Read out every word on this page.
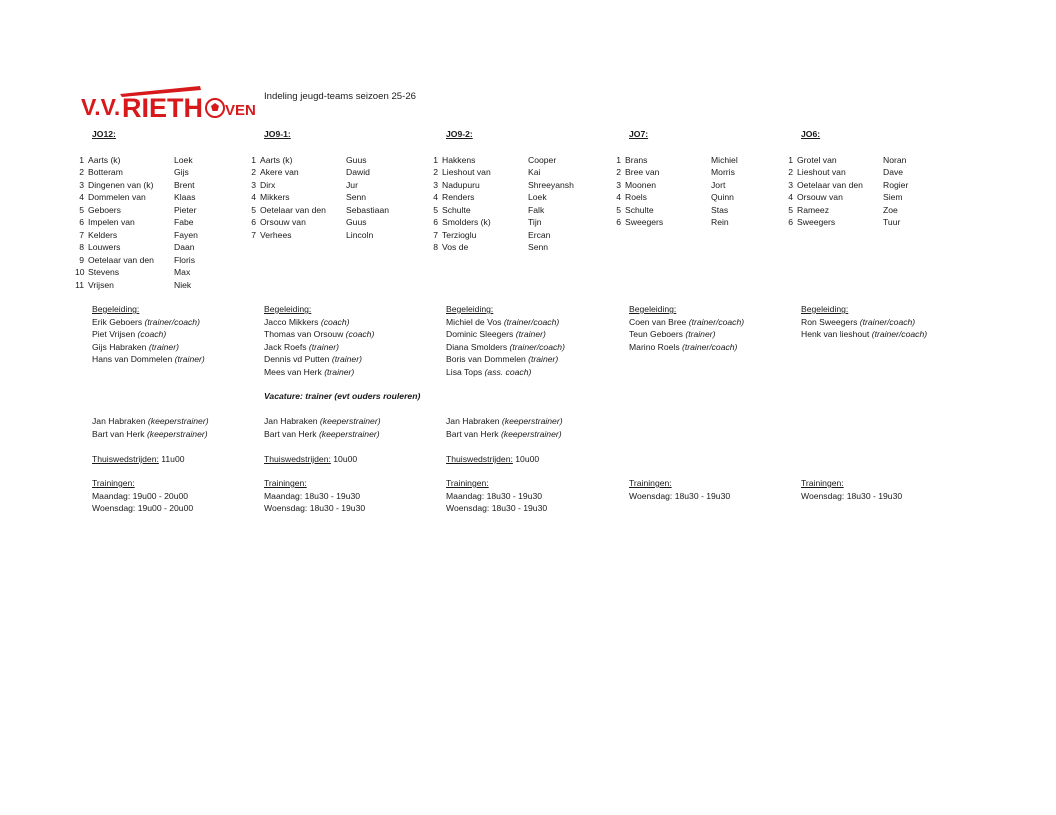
V.V. RIETH VEN
Indeling jeugd-teams seizoen 25-26
JO12:
1 Aarts (k)	Loek
2 Botteram	Gijs
3 Dingenen van (k)	Brent
4 Dommelen van	Klaas
5 Geboers	Pieter
6 Impelen van	Fabe
7 Kelders	Fayen
8 Louwers	Daan
9 Oetelaar van den	Floris
10 Stevens	Max
11 Vrijsen	Niek
Begeleiding:
Erik Geboers (trainer/coach)
Piet Vrijsen (coach)
Gijs Habraken (trainer)
Hans van Dommelen (trainer)
Jan Habraken (keeperstrainer)
Bart van Herk (keeperstrainer)
Thuiswedstrijden: 11u00
Trainingen:
Maandag: 19u00 - 20u00
Woensdag: 19u00 - 20u00
JO9-1:
1 Aarts (k)	Guus
2 Akere van	Dawid
3 Dirx	Jur
4 Mikkers	Senn
5 Oetelaar van den	Sebastiaan
6 Orsouw van	Guus
7 Verhees	Lincoln
Begeleiding:
Jacco Mikkers (coach)
Thomas van Orsouw (coach)
Jack Roefs (trainer)
Dennis vd Putten (trainer)
Mees van Herk (trainer)
Vacature: trainer (evt ouders rouleren)
Jan Habraken (keeperstrainer)
Bart van Herk (keeperstrainer)
Thuiswedstrijden: 10u00
Trainingen:
Maandag: 18u30 - 19u30
Woensdag: 18u30 - 19u30
JO9-2:
1 Hakkens	Cooper
2 Lieshout van	Kai
3 Nadupuru	Shreeyansh
4 Renders	Loek
5 Schulte	Falk
6 Smolders (k)	Tijn
7 Terzioglu	Ercan
8 Vos de	Senn
Begeleiding:
Michiel de Vos (trainer/coach)
Dominic Sleegers (trainer)
Diana Smolders (trainer/coach)
Boris van Dommelen (trainer)
Lisa Tops (ass. coach)
Jan Habraken (keeperstrainer)
Bart van Herk (keeperstrainer)
Thuiswedstrijden: 10u00
Trainingen:
Maandag: 18u30 - 19u30
Woensdag: 18u30 - 19u30
JO7:
1 Brans	Michiel
2 Bree van	Morris
3 Moonen	Jort
4 Roels	Quinn
5 Schulte	Stas
6 Sweegers	Rein
Begeleiding:
Coen van Bree (trainer/coach)
Teun Geboers (trainer)
Marino Roels (trainer/coach)
Trainingen:
Woensdag: 18u30 - 19u30
JO6:
1 Grotel van	Noran
2 Lieshout van	Dave
3 Oetelaar van den	Rogier
4 Orsouw van	Siem
5 Rameez	Zoe
6 Sweegers	Tuur
Begeleiding:
Ron Sweegers (trainer/coach)
Henk van lieshout (trainer/coach)
Trainingen:
Woensdag: 18u30 - 19u30
